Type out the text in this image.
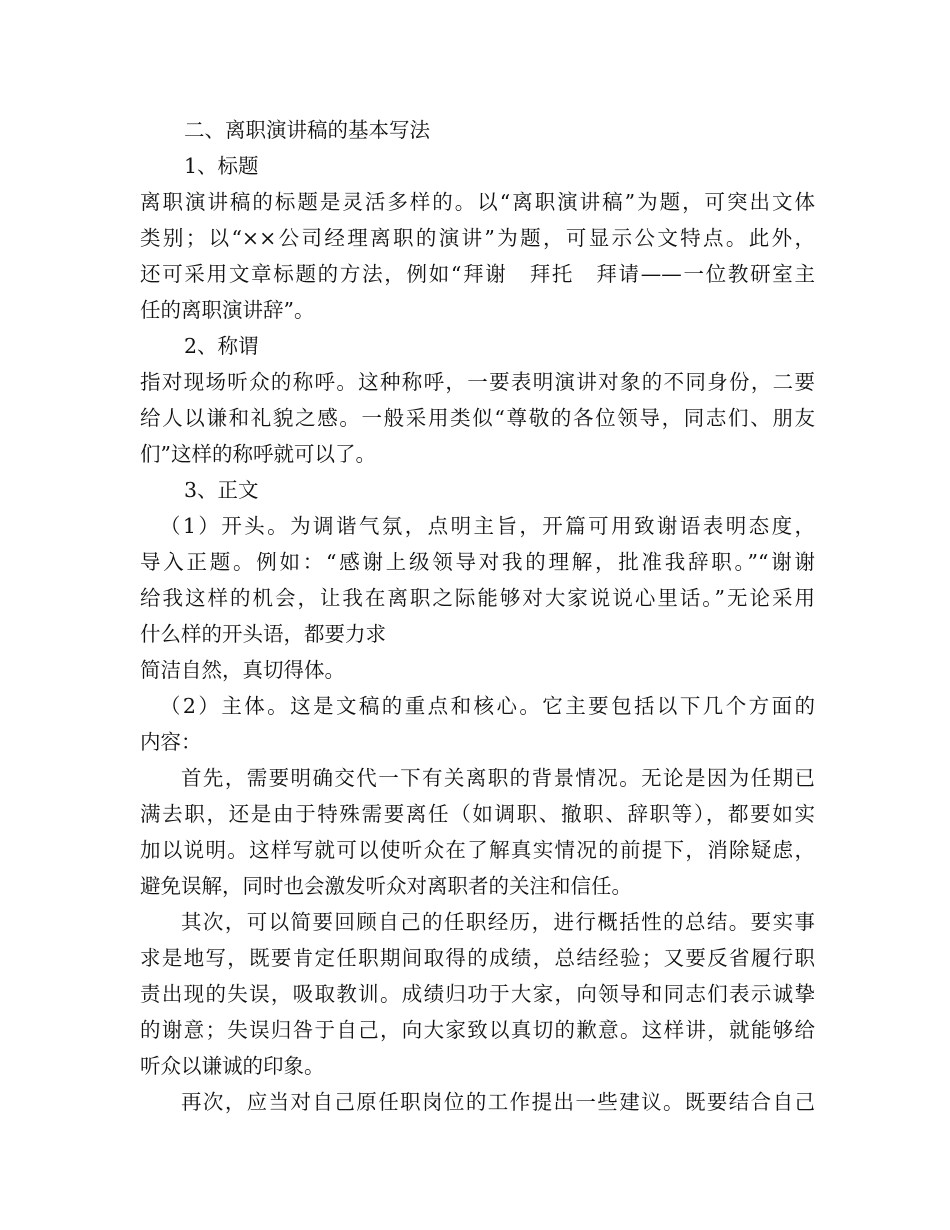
二、离职演讲稿的基本写法
1、标题
离职演讲稿的标题是灵活多样的。以“离职演讲稿”为题，可突出文体
类别；以“××公司经理离职的演讲”为题，可显示公文特点。此外，
还可采用文章标题的方法，例如“拜谢　拜托　拜请——一位教研室主
任的离职演讲辞”。
2、称谓
指对现场听众的称呼。这种称呼，一要表明演讲对象的不同身份，二要
给人以谦和礼貌之感。一般采用类似“尊敬的各位领导，同志们、朋友
们”这样的称呼就可以了。
3、正文
（1）开头。为调谐气氛，点明主旨，开篇可用致谢语表明态度，
导入正题。例如：“感谢上级领导对我的理解，批准我辞职。”“谢谢
给我这样的机会，让我在离职之际能够对大家说说心里话。”无论采用
什么样的开头语，都要力求
简洁自然，真切得体。
（2）主体。这是文稿的重点和核心。它主要包括以下几个方面的
内容：
首先，需要明确交代一下有关离职的背景情况。无论是因为任期已
满去职，还是由于特殊需要离任（如调职、撤职、辞职等），都要如实
加以说明。这样写就可以使听众在了解真实情况的前提下，消除疑虑，
避免误解，同时也会激发听众对离职者的关注和信任。
其次，可以简要回顾自己的任职经历，进行概括性的总结。要实事
求是地写，既要肯定任职期间取得的成绩，总结经验；又要反省履行职
责出现的失误，吸取教训。成绩归功于大家，向领导和同志们表示诚挚
的谢意；失误归咎于自己，向大家致以真切的歉意。这样讲，就能够给
听众以谦诚的印象。
再次，应当对自己原任职岗位的工作提出一些建议。既要结合自己
